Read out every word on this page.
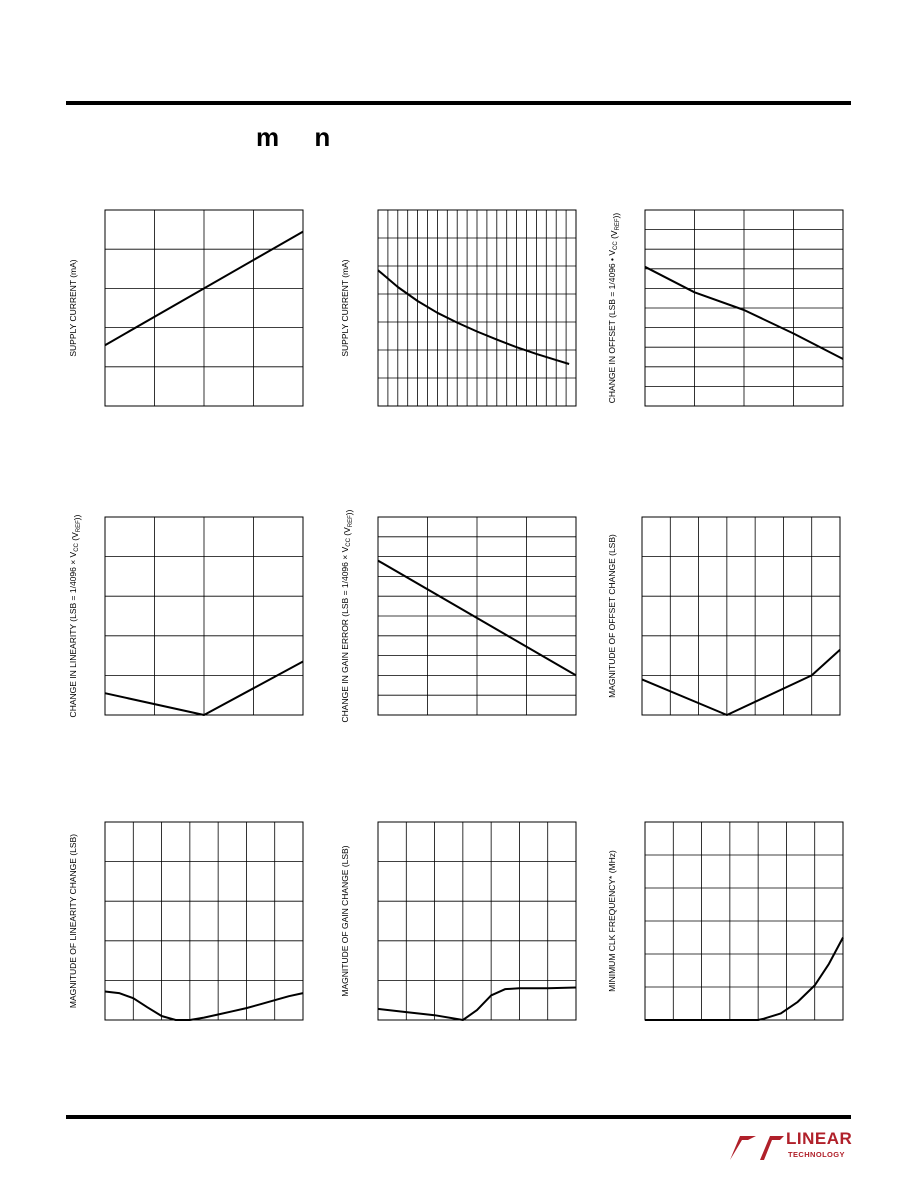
m n
SUPPLY CURRENT (mA)	SUPPLY CURRENT (mA)	CHANGE IN OFFSET (LSB = 1/4096 • $V_{CC}$ $(V_{REF})$)
CHANGE IN LINEARITY ($LSB = 1/4096 \times V_{CC}$ $(V_{REF})$)
CHANGE IN GAIN ERROR ($LSB = 1/4096 \times V_{CC}$ $(V_{REF})$)
MAGNITUDE OF OFFSET CHANGE (LSB)
MAGNITUDE OF LINEARITY CHANGE (LSB)	MAGNITUDE OF GAIN CHANGE (LSB)	MINIMUM CLK FREQUENCY* (MHz)
LINEAR
TECHNOLOGY
